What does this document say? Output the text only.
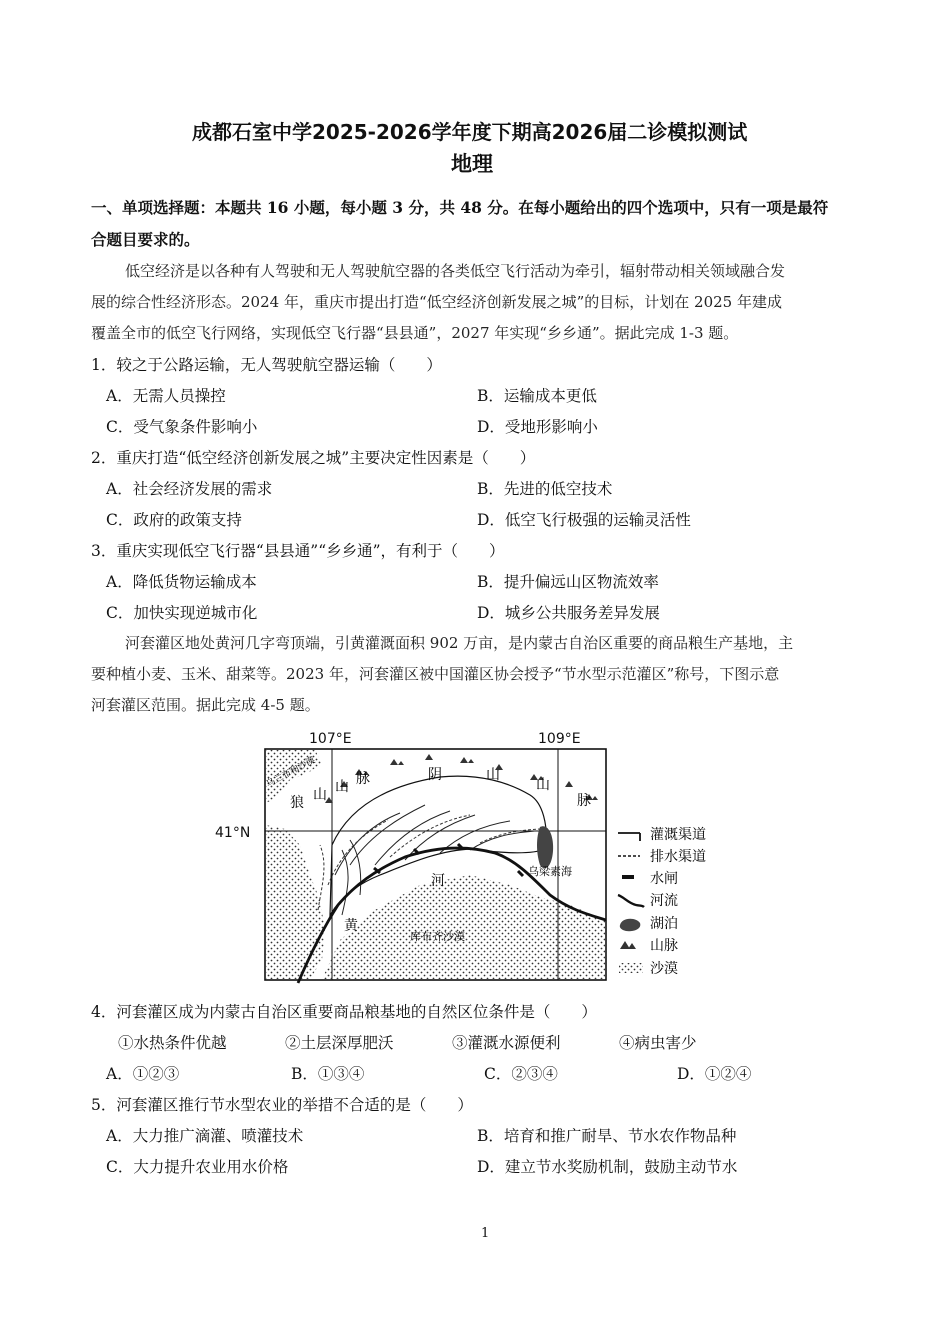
成都石室中学2025-2026学年度下期高2026届二诊模拟测试
地理
一、单项选择题：本题共 16 小题，每小题 3 分，共 48 分。在每小题给出的四个选项中，只有一项是最符
合题目要求的。
低空经济是以各种有人驾驶和无人驾驶航空器的各类低空飞行活动为牵引，辐射带动相关领域融合发
展的综合性经济形态。2024 年，重庆市提出打造“低空经济创新发展之城”的目标，计划在 2025 年建成
覆盖全市的低空飞行网络，实现低空飞行器“县县通”，2027 年实现“乡乡通”。据此完成 1-3 题。
1．较之于公路运输，无人驾驶航空器运输（　　）
A．无需人员操控	B．运输成本更低
C．受气象条件影响小	D．受地形影响小
2．重庆打造“低空经济创新发展之城”主要决定性因素是（　　）
A．社会经济发展的需求	B．先进的低空技术
C．政府的政策支持	D．低空飞行极强的运输灵活性
3．重庆实现低空飞行器“县县通”“乡乡通”，有利于（　　）
A．降低货物运输成本	B．提升偏远山区物流效率
C．加快实现逆城市化	D．城乡公共服务差异发展
河套灌区地处黄河几字弯顶端，引黄灌溉面积 902 万亩，是内蒙古自治区重要的商品粮生产基地，主
要种植小麦、玉米、甜菜等。2023 年，河套灌区被中国灌区协会授予“节水型示范灌区”称号，下图示意
河套灌区范围。据此完成 4-5 题。
107°E	109°E
41°N
阴	山
山
脉
狼 山 山 脉
乌兰布和沙漠
乌梁素海
河
黄
库布齐沙漠
灌溉渠道
排水渠道
水闸
河流
湖泊
山脉
沙漠
4．河套灌区成为内蒙古自治区重要商品粮基地的自然区位条件是（　　）
①水热条件优越	②土层深厚肥沃	③灌溉水源便利	④病虫害少
A．①②③	B．①③④	C．②③④	D．①②④
5．河套灌区推行节水型农业的举措不合适的是（　　）
A．大力推广滴灌、喷灌技术	B．培育和推广耐旱、节水农作物品种
C．大力提升农业用水价格	D．建立节水奖励机制，鼓励主动节水
1
